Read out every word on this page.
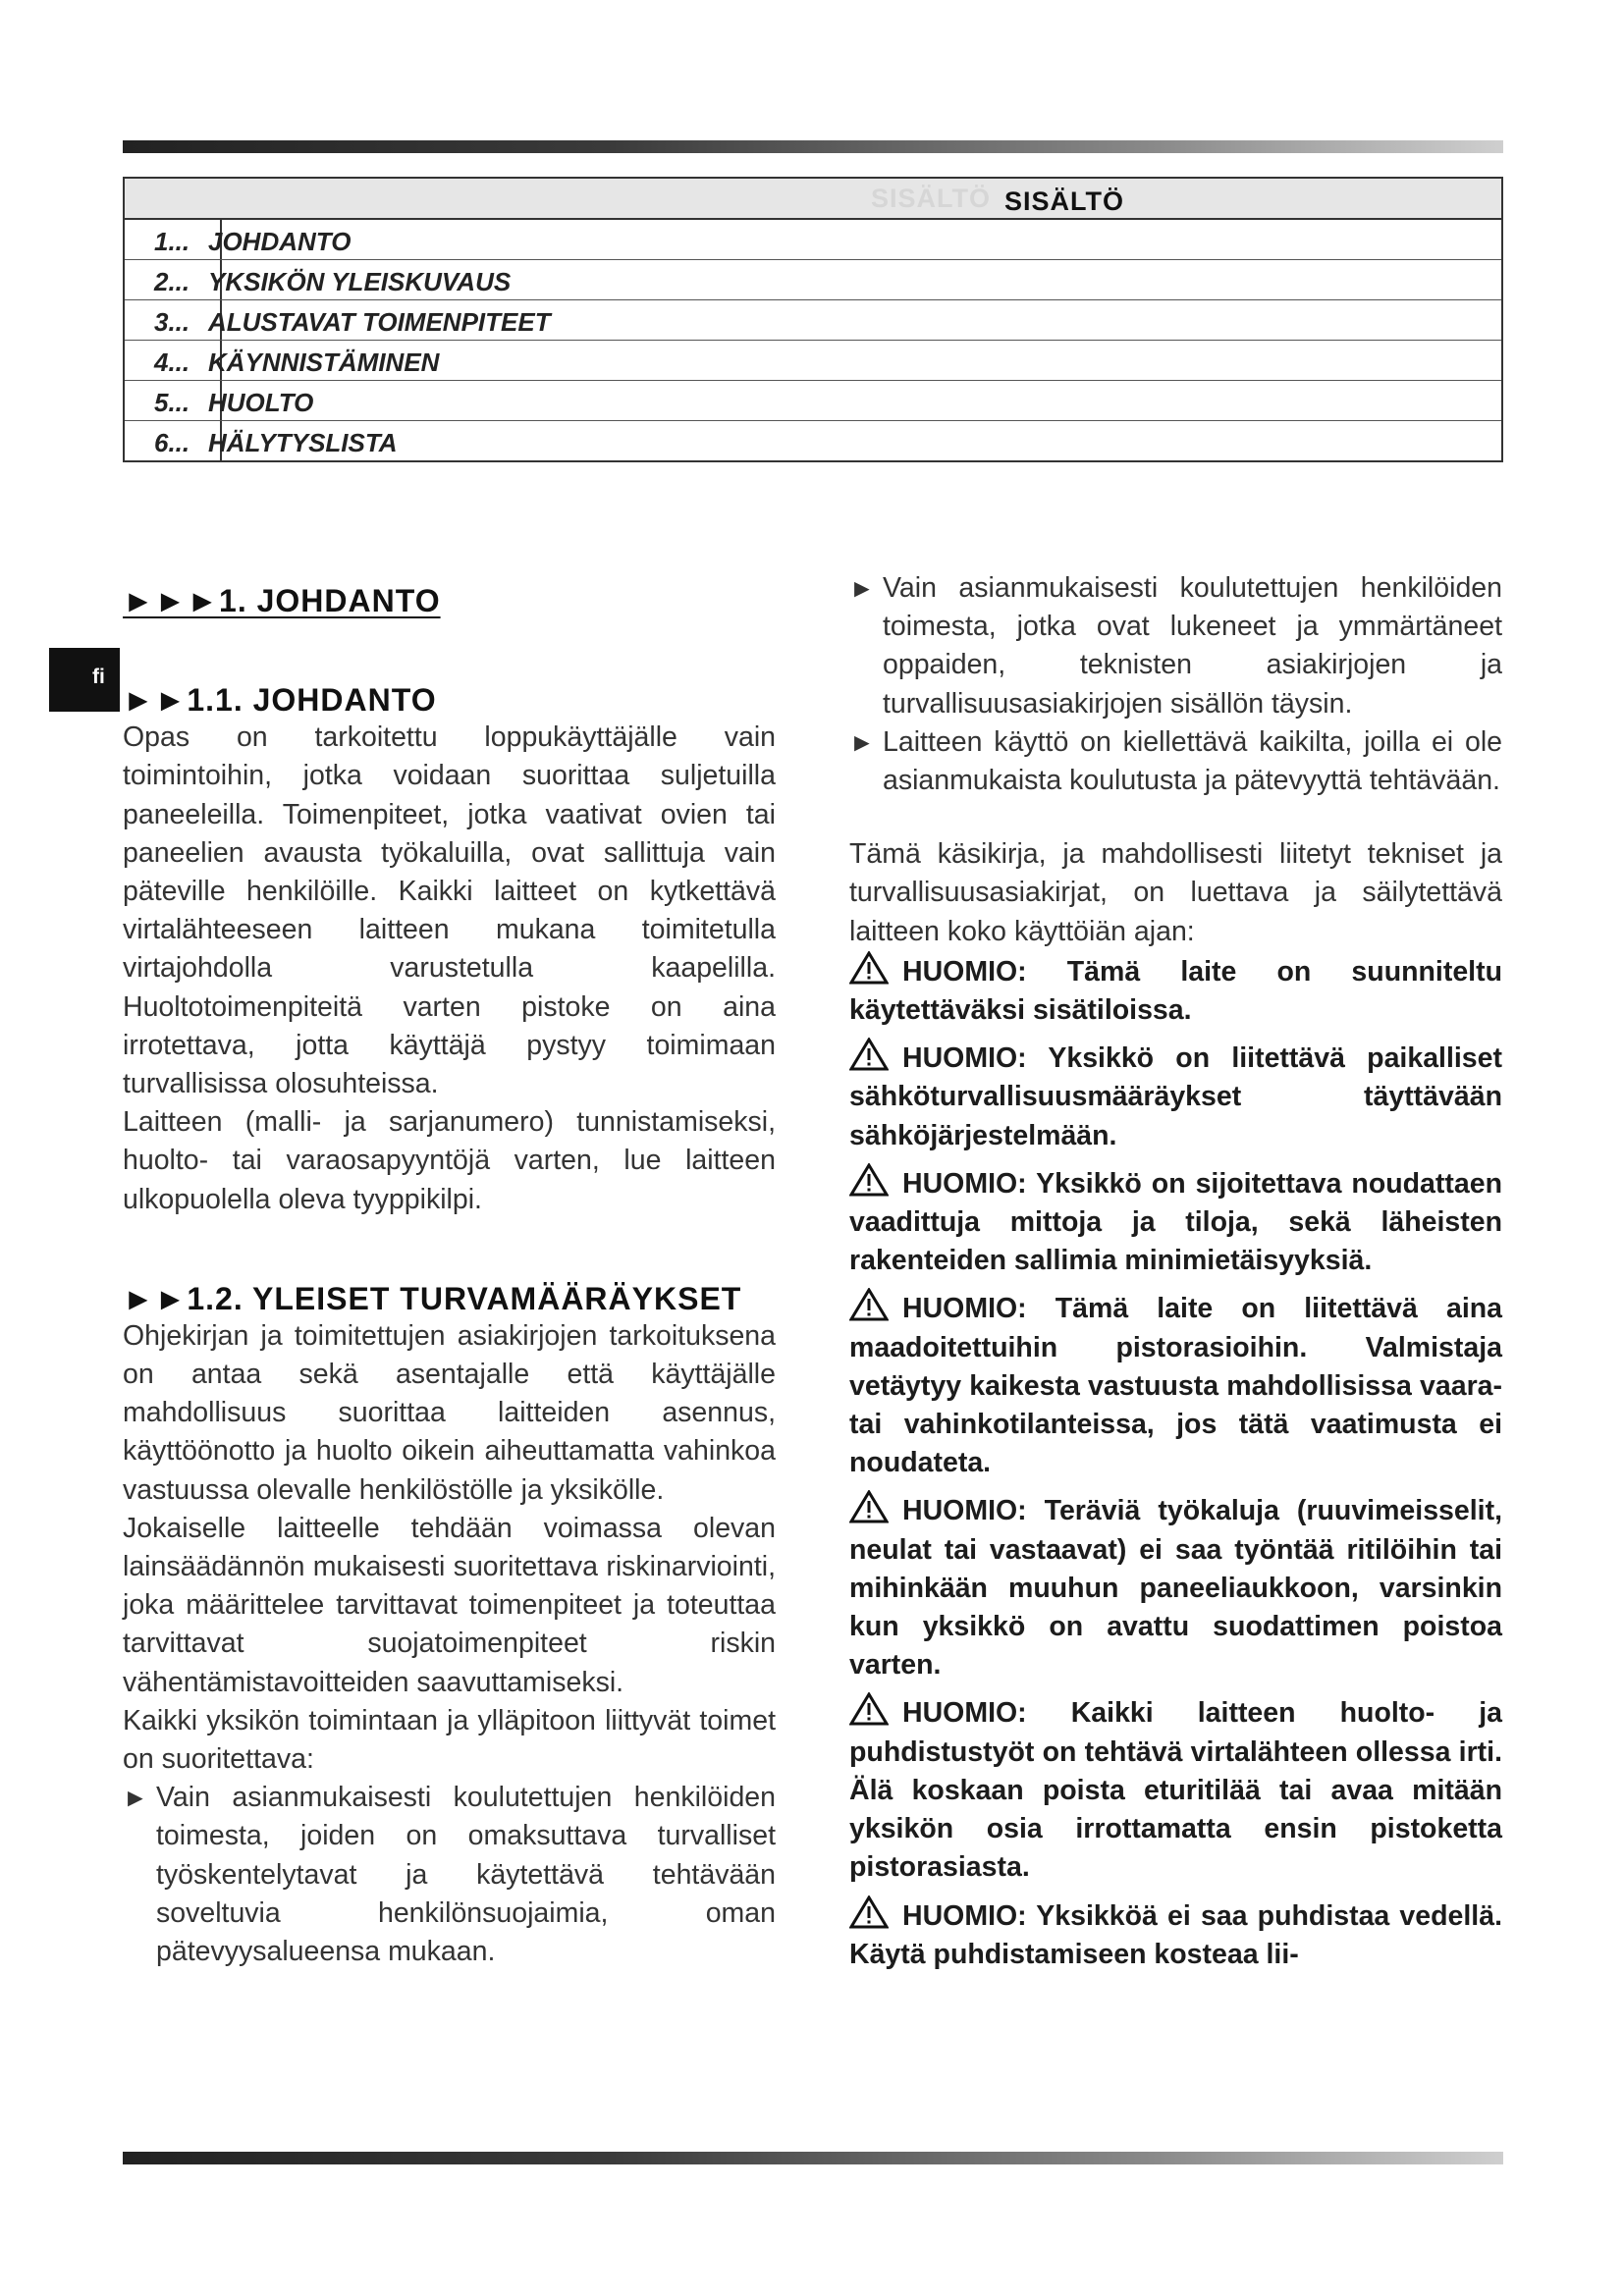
SISÄLTÖ SISÄLTÖ
1... JOHDANTO
2... YKSIKÖN YLEISKUVAUS
3... ALUSTAVAT TOIMENPITEET
4... KÄYNNISTÄMINEN
5... HUOLTO
6... HÄLYTYSLISTA
fi
►►►1. JOHDANTO
►►1.1. JOHDANTO

Opas on tarkoitettu loppukäyttäjälle vain toimintoihin, jotka voidaan suorittaa suljetuilla paneeleilla. Toimenpiteet, jotka vaativat ovien tai paneelien avausta työkaluilla, ovat sallittuja vain päteville henkilöille. Kaikki laitteet on kytkettävä virtalähteeseen laitteen mukana toimitetulla virtajohdolla varustetulla kaapelilla. Huoltotoimenpiteitä varten pistoke on aina irrotettava, jotta käyttäjä pystyy toimimaan turvallisissa olosuhteissa.

Laitteen (malli- ja sarjanumero) tunnistamiseksi, huolto- tai varaosapyyntöjä varten, lue laitteen ulkopuolella oleva tyyppikilpi.

►►1.2. YLEISET TURVAMÄÄRÄYKSET

Ohjekirjan ja toimitettujen asiakirjojen tarkoituksena on antaa sekä asentajalle että käyttäjälle mahdollisuus suorittaa laitteiden asennus, käyttöönotto ja huolto oikein aiheuttamatta vahinkoa vastuussa olevalle henkilöstölle ja yksikölle.

Jokaiselle laitteelle tehdään voimassa olevan lainsäädännön mukaisesti suoritettava riskinarviointi, joka määrittelee tarvittavat toimenpiteet ja toteuttaa tarvittavat suojatoimenpiteet riskin vähentämistavoitteiden saavuttamiseksi.

Kaikki yksikön toimintaan ja ylläpitoon liittyvät toimet on suoritettava:

► Vain asianmukaisesti koulutettujen henkilöiden toimesta, joiden on omaksuttava turvalliset työskentelytavat ja käytettävä tehtävään soveltuvia henkilönsuojaimia, oman pätevyysalueensa mukaan.
► Vain asianmukaisesti koulutettujen henkilöiden toimesta, jotka ovat lukeneet ja ymmärtäneet oppaiden, teknisten asiakirjojen ja turvallisuusasiakirjojen sisällön täysin.
► Laitteen käyttö on kiellettävä kaikilta, joilla ei ole asianmukaista koulutusta ja pätevyyttä tehtävään.

Tämä käsikirja, ja mahdollisesti liitetyt tekniset ja turvallisuusasiakirjat, on luettava ja säilytettävä laitteen koko käyttöiän ajan:

HUOMIO: Tämä laite on suunniteltu käytettäväksi sisätiloissa.

HUOMIO: Yksikkö on liitettävä paikalliset sähköturvallisuusmääräykset täyttävään sähköjärjestelmään.

HUOMIO: Yksikkö on sijoitettava noudattaen vaadittuja mittoja ja tiloja, sekä läheisten rakenteiden sallimia minimietäisyyksiä.

HUOMIO: Tämä laite on liitettävä aina maadoitettuihin pistorasioihin. Valmistaja vetäytyy kaikesta vastuusta mahdollisissa vaara- tai vahinkotilanteissa, jos tätä vaatimusta ei noudateta.

HUOMIO: Teräviä työkaluja (ruuvimeisselit, neulat tai vastaavat) ei saa työntää ritilöihin tai mihinkään muuhun paneeliaukkoon, varsinkin kun yksikkö on avattu suodattimen poistoa varten.

HUOMIO: Kaikki laitteen huolto- ja puhdistustyöt on tehtävä virtalähteen ollessa irti. Älä koskaan poista eturitilää tai avaa mitään yksikön osia irrottamatta ensin pistoketta pistorasiasta.

HUOMIO: Yksikköä ei saa puhdistaa vedellä. Käytä puhdistamiseen kosteaa lii-
